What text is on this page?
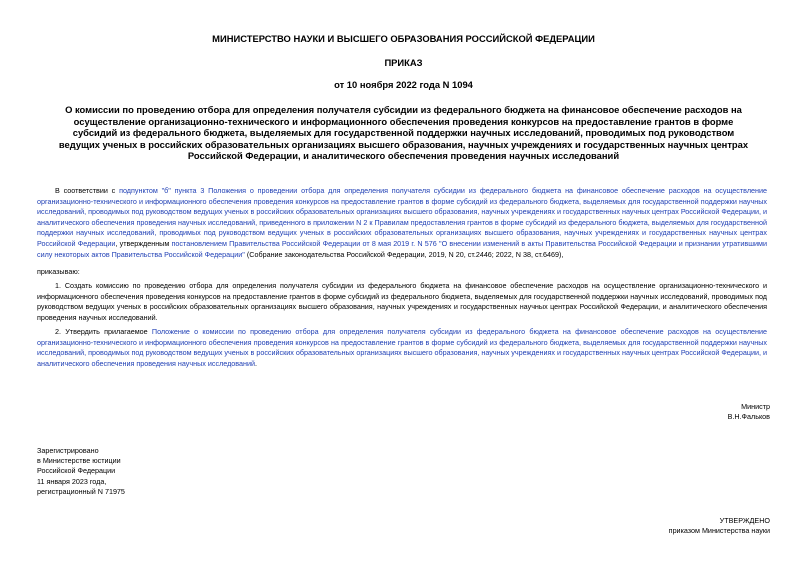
МИНИСТЕРСТВО НАУКИ И ВЫСШЕГО ОБРАЗОВАНИЯ РОССИЙСКОЙ ФЕДЕРАЦИИ
ПРИКАЗ
от 10 ноября 2022 года N 1094
О комиссии по проведению отбора для определения получателя субсидии из федерального бюджета на финансовое обеспечение расходов на осуществление организационно-технического и информационного обеспечения проведения конкурсов на предоставление грантов в форме субсидий из федерального бюджета, выделяемых для государственной поддержки научных исследований, проводимых под руководством ведущих ученых в российских образовательных организациях высшего образования, научных учреждениях и государственных научных центрах Российской Федерации, и аналитического обеспечения проведения научных исследований
В соответствии с подпунктом "б" пункта 3 Положения о проведении отбора для определения получателя субсидии из федерального бюджета на финансовое обеспечение расходов на осуществление организационно-технического и информационного обеспечения проведения конкурсов на предоставление грантов в форме субсидий из федерального бюджета, выделяемых для государственной поддержки научных исследований, проводимых под руководством ведущих ученых в российских образовательных организациях высшего образования, научных учреждениях и государственных научных центрах Российской Федерации, и аналитического обеспечения проведения научных исследований, приведенного в приложении N 2 к Правилам предоставления грантов в форме субсидий из федерального бюджета, выделяемых для государственной поддержки научных исследований, проводимых под руководством ведущих ученых в российских образовательных организациях высшего образования, научных учреждениях и государственных научных центрах Российской Федерации, утвержденным постановлением Правительства Российской Федерации от 8 мая 2019 г. N 576 "О внесении изменений в акты Правительства Российской Федерации и признании утратившими силу некоторых актов Правительства Российской Федерации" (Собрание законодательства Российской Федерации, 2019, N 20, ст.2446; 2022, N 38, ст.6469),
приказываю:
1. Создать комиссию по проведению отбора для определения получателя субсидии из федерального бюджета на финансовое обеспечение расходов на осуществление организационно-технического и информационного обеспечения проведения конкурсов на предоставление грантов в форме субсидий из федерального бюджета, выделяемых для государственной поддержки научных исследований, проводимых под руководством ведущих ученых в российских образовательных организациях высшего образования, научных учреждениях и государственных научных центрах Российской Федерации, и аналитического обеспечения проведения научных исследований.
2. Утвердить прилагаемое Положение о комиссии по проведению отбора для определения получателя субсидии из федерального бюджета на финансовое обеспечение расходов на осуществление организационно-технического и информационного обеспечения проведения конкурсов на предоставление грантов в форме субсидий из федерального бюджета, выделяемых для государственной поддержки научных исследований, проводимых под руководством ведущих ученых в российских образовательных организациях высшего образования, научных учреждениях и государственных научных центрах Российской Федерации, и аналитического обеспечения проведения научных исследований.
Министр
В.Н.Фальков
Зарегистрировано
в Министерстве юстиции
Российской Федерации
11 января 2023 года,
регистрационный N 71975
УТВЕРЖДЕНО
приказом Министерства науки
